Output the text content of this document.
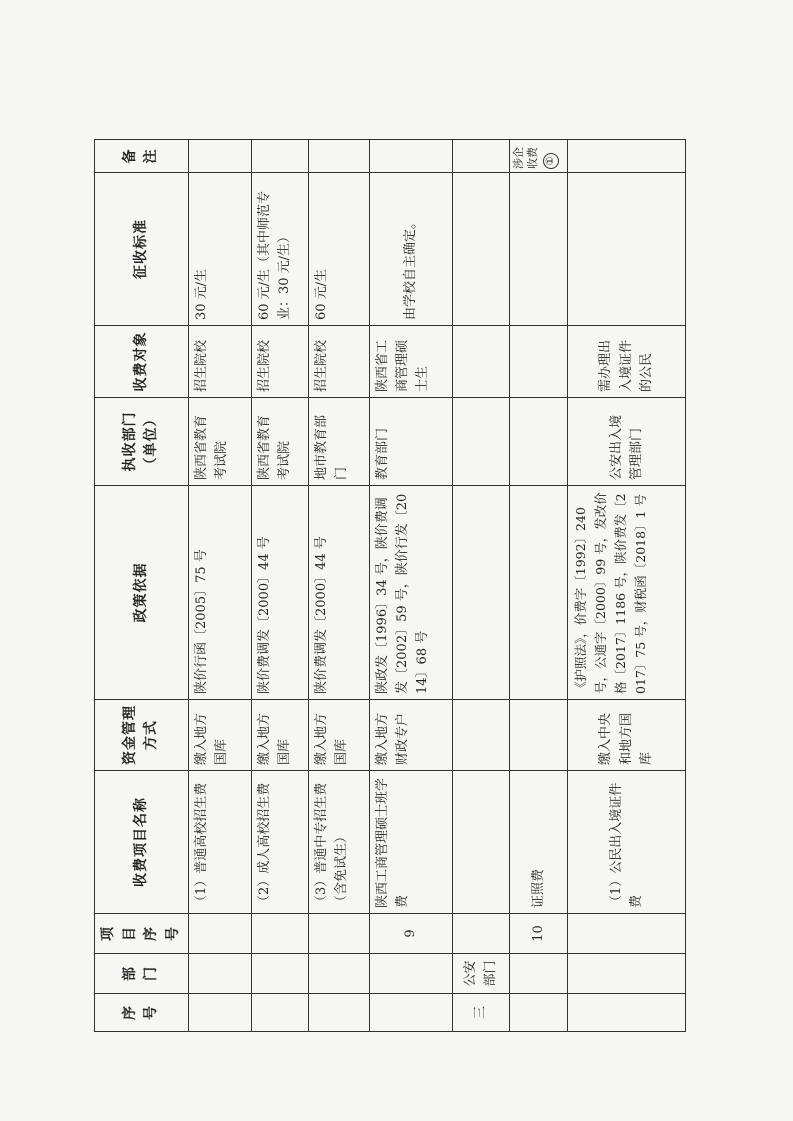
序号	部门	项目序号	收费项目名称	资金管理方式	政策依据	执收部门（单位）	收费对象	征收标准	备 注
			（1）普通高校招生费	缴入地方国库	陕价行函〔2005〕75 号	陕西省教育考试院	招生院校	30 元/生	
			（2）成人高校招生费	缴入地方国库	陕价费调发〔2000〕44 号	陕西省教育考试院	招生院校	60 元/生（其中师范专业：30 元/生）	
			（3）普通中专招生费（含免试生）	缴入地方国库	陕价费调发〔2000〕44 号	地市教育部门	招生院校	60 元/生	
		9	陕西工商管理硕士班学费	缴入地方财政专户	陕政发〔1996〕34 号，陕价费调发〔2002〕59 号，陕价行发〔2014〕68 号	教育部门	陕西省工商管理硕士生	由学校自主确定。	
三	公安部门								
		10	证照费						涉企收费 ①
			（1）公民出入境证件费	缴入中央和地方国库	《护照法》，价费字〔1992〕240 号，公通字〔2000〕99 号，发改价格〔2017〕1186 号，陕价费发〔2017〕75 号，财税函〔2018〕1 号	公安出入境管理部门	需办理出入境证件的公民		
